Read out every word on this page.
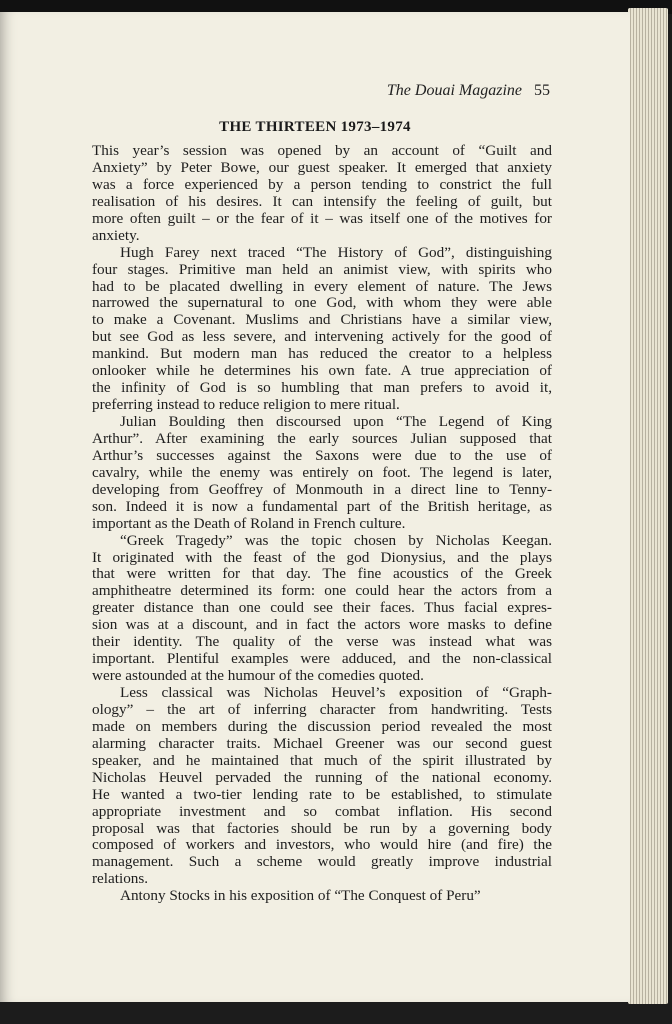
The Douai Magazine 55
THE THIRTEEN 1973–1974
This year’s session was opened by an account of “Guilt and
Anxiety” by Peter Bowe, our guest speaker. It emerged that anxiety
was a force experienced by a person tending to constrict the full
realisation of his desires. It can intensify the feeling of guilt, but
more often guilt – or the fear of it – was itself one of the motives for
anxiety.
Hugh Farey next traced “The History of God”, distinguishing
four stages. Primitive man held an animist view, with spirits who
had to be placated dwelling in every element of nature. The Jews
narrowed the supernatural to one God, with whom they were able
to make a Covenant. Muslims and Christians have a similar view,
but see God as less severe, and intervening actively for the good of
mankind. But modern man has reduced the creator to a helpless
onlooker while he determines his own fate. A true appreciation of
the infinity of God is so humbling that man prefers to avoid it,
preferring instead to reduce religion to mere ritual.
Julian Boulding then discoursed upon “The Legend of King
Arthur”. After examining the early sources Julian supposed that
Arthur’s successes against the Saxons were due to the use of
cavalry, while the enemy was entirely on foot. The legend is later,
developing from Geoffrey of Monmouth in a direct line to Tenny-
son. Indeed it is now a fundamental part of the British heritage, as
important as the Death of Roland in French culture.
“Greek Tragedy” was the topic chosen by Nicholas Keegan.
It originated with the feast of the god Dionysius, and the plays
that were written for that day. The fine acoustics of the Greek
amphitheatre determined its form: one could hear the actors from a
greater distance than one could see their faces. Thus facial expres-
sion was at a discount, and in fact the actors wore masks to define
their identity. The quality of the verse was instead what was
important. Plentiful examples were adduced, and the non-classical
were astounded at the humour of the comedies quoted.
Less classical was Nicholas Heuvel’s exposition of “Graph-
ology” – the art of inferring character from handwriting. Tests
made on members during the discussion period revealed the most
alarming character traits. Michael Greener was our second guest
speaker, and he maintained that much of the spirit illustrated by
Nicholas Heuvel pervaded the running of the national economy.
He wanted a two-tier lending rate to be established, to stimulate
appropriate investment and so combat inflation. His second
proposal was that factories should be run by a governing body
composed of workers and investors, who would hire (and fire) the
management. Such a scheme would greatly improve industrial
relations.
Antony Stocks in his exposition of “The Conquest of Peru”
